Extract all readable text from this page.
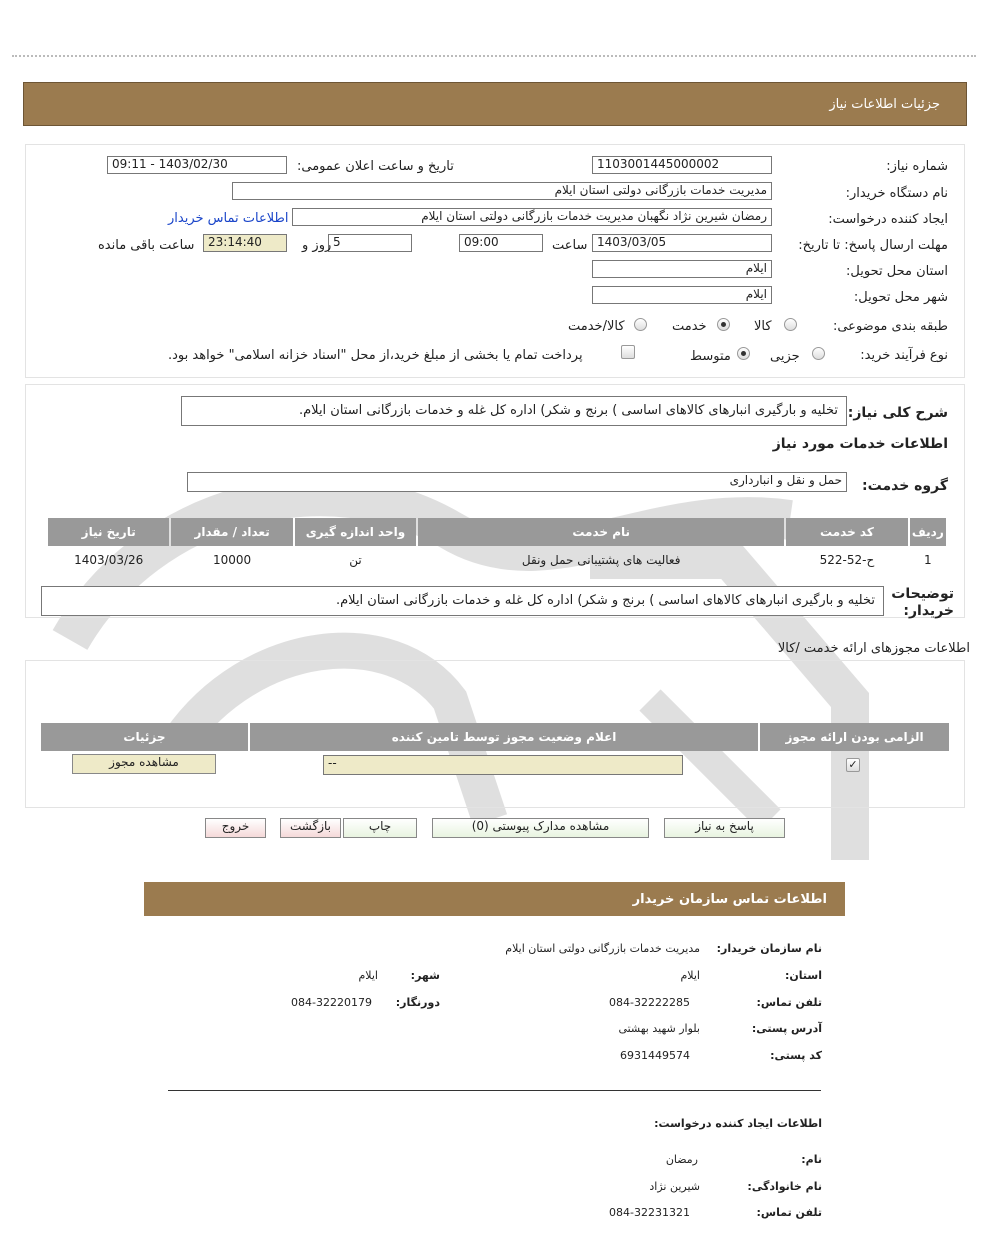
جزئیات اطلاعات نیاز
شماره نیاز:
1103001445000002
تاریخ و ساعت اعلان عمومی:
1403/02/30 - 09:11
نام دستگاه خریدار:
مدیریت خدمات بازرگانی دولتی استان ایلام
ایجاد کننده درخواست:
رمضان شیرین نژاد نگهبان مدیریت خدمات بازرگانی دولتی استان ایلام
اطلاعات تماس خریدار
مهلت ارسال پاسخ: تا تاریخ:
1403/03/05
ساعت
09:00
5
روز و
23:14:40
ساعت باقی مانده
استان محل تحویل:
ایلام
شهر محل تحویل:
ایلام
طبقه بندی موضوعی:
کالا
خدمت
کالا/خدمت
نوع فرآیند خرید:
جزیی
متوسط
پرداخت تمام یا بخشی از مبلغ خرید،از محل "اسناد خزانه اسلامی" خواهد بود.
شرح کلی نیاز:
تخلیه و بارگیری انبارهای کالاهای اساسی ) برنج و شکر) اداره کل غله و خدمات بازرگانی استان ایلام.
اطلاعات خدمات مورد نیاز
گروه خدمت:
حمل و نقل و انبارداری
ردیف	کد خدمت	نام خدمت	واحد اندازه گیری	تعداد / مقدار	تاریخ نیاز
1	ح-52-522	فعالیت های پشتیبانی حمل ونقل	تن	10000	1403/03/26
توضیحات
خریدار:
تخلیه و بارگیری انبارهای کالاهای اساسی ) برنج و شکر) اداره کل غله و خدمات بازرگانی استان ایلام.
اطلاعات مجوزهای ارائه خدمت /کالا
الزامی بودن ارائه مجوز	اعلام وضعیت مجوز توسط تامین کننده	جزئیات

✓
--
مشاهده مجوز
پاسخ به نیاز
مشاهده مدارک پیوستی (0)
چاپ
بازگشت
خروج
اطلاعات تماس سازمان خریدار
نام سازمان خریدار:
مدیریت خدمات بازرگانی دولتی استان ایلام
استان:
ایلام
شهر:
ایلام
تلفن تماس:
084-32222285
دورنگار:
084-32220179
آدرس پستی:
بلوار شهید بهشتی
کد پستی:
6931449574
اطلاعات ایجاد کننده درخواست:
نام:
رمضان
نام خانوادگی:
شیرین نژاد
تلفن تماس:
084-32231321
